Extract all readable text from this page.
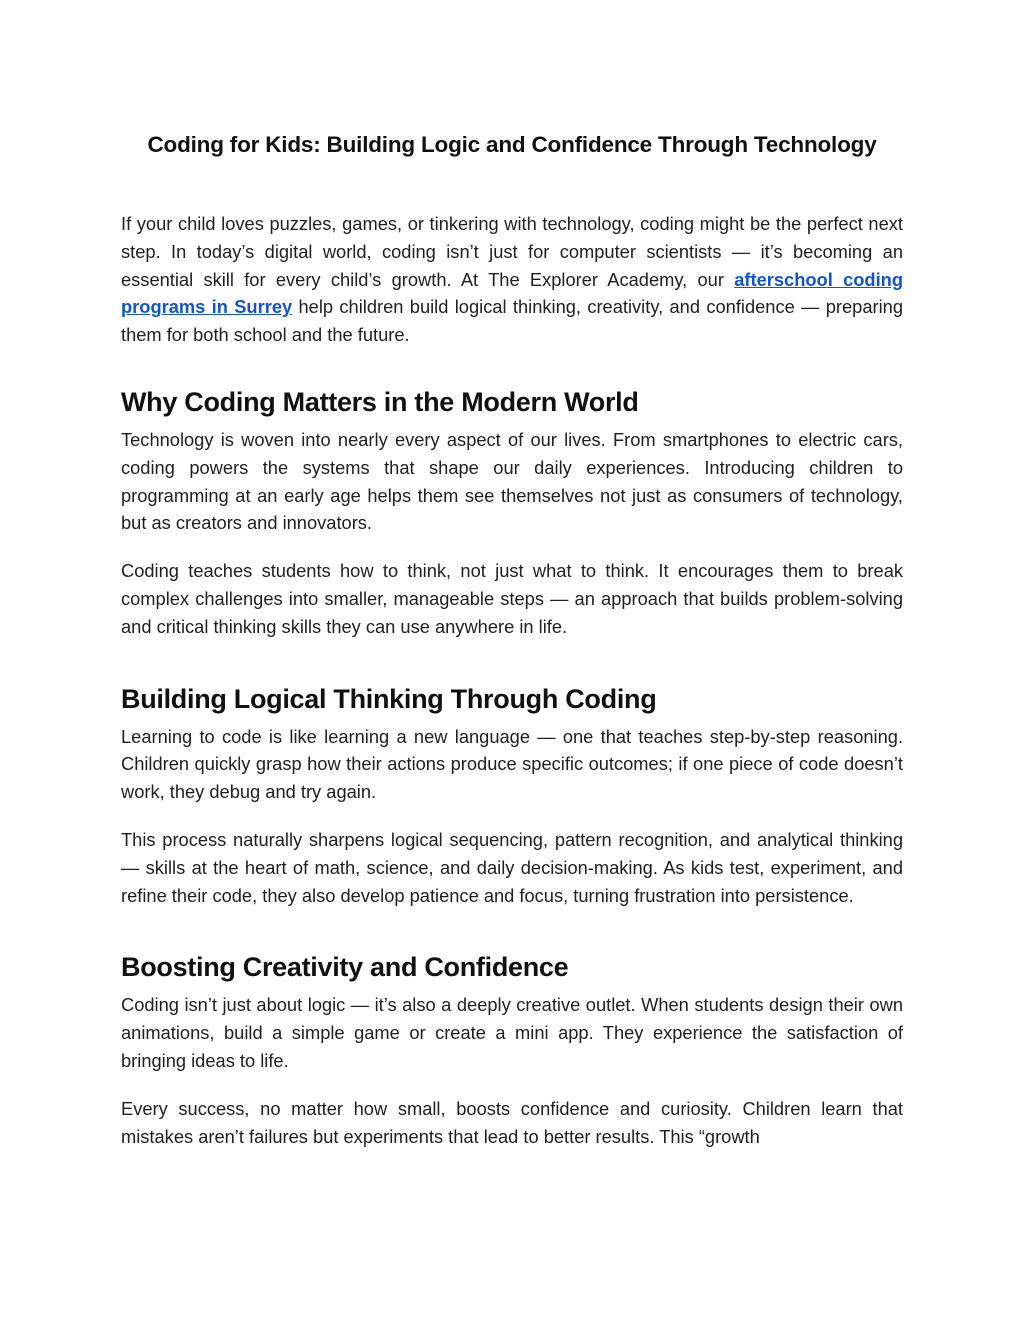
Coding for Kids: Building Logic and Confidence Through Technology

If your child loves puzzles, games, or tinkering with technology, coding might be the perfect next step. In today’s digital world, coding isn’t just for computer scientists — it’s becoming an essential skill for every child’s growth. At The Explorer Academy, our afterschool coding programs in Surrey help children build logical thinking, creativity, and confidence — preparing them for both school and the future.

Why Coding Matters in the Modern World

Technology is woven into nearly every aspect of our lives. From smartphones to electric cars, coding powers the systems that shape our daily experiences. Introducing children to programming at an early age helps them see themselves not just as consumers of technology, but as creators and innovators.

Coding teaches students how to think, not just what to think. It encourages them to break complex challenges into smaller, manageable steps — an approach that builds problem-solving and critical thinking skills they can use anywhere in life.

Building Logical Thinking Through Coding

Learning to code is like learning a new language — one that teaches step-by-step reasoning. Children quickly grasp how their actions produce specific outcomes; if one piece of code doesn’t work, they debug and try again.

This process naturally sharpens logical sequencing, pattern recognition, and analytical thinking — skills at the heart of math, science, and daily decision-making. As kids test, experiment, and refine their code, they also develop patience and focus, turning frustration into persistence.

Boosting Creativity and Confidence

Coding isn’t just about logic — it’s also a deeply creative outlet. When students design their own animations, build a simple game or create a mini app. They experience the satisfaction of bringing ideas to life.

Every success, no matter how small, boosts confidence and curiosity. Children learn that mistakes aren’t failures but experiments that lead to better results. This “growth
